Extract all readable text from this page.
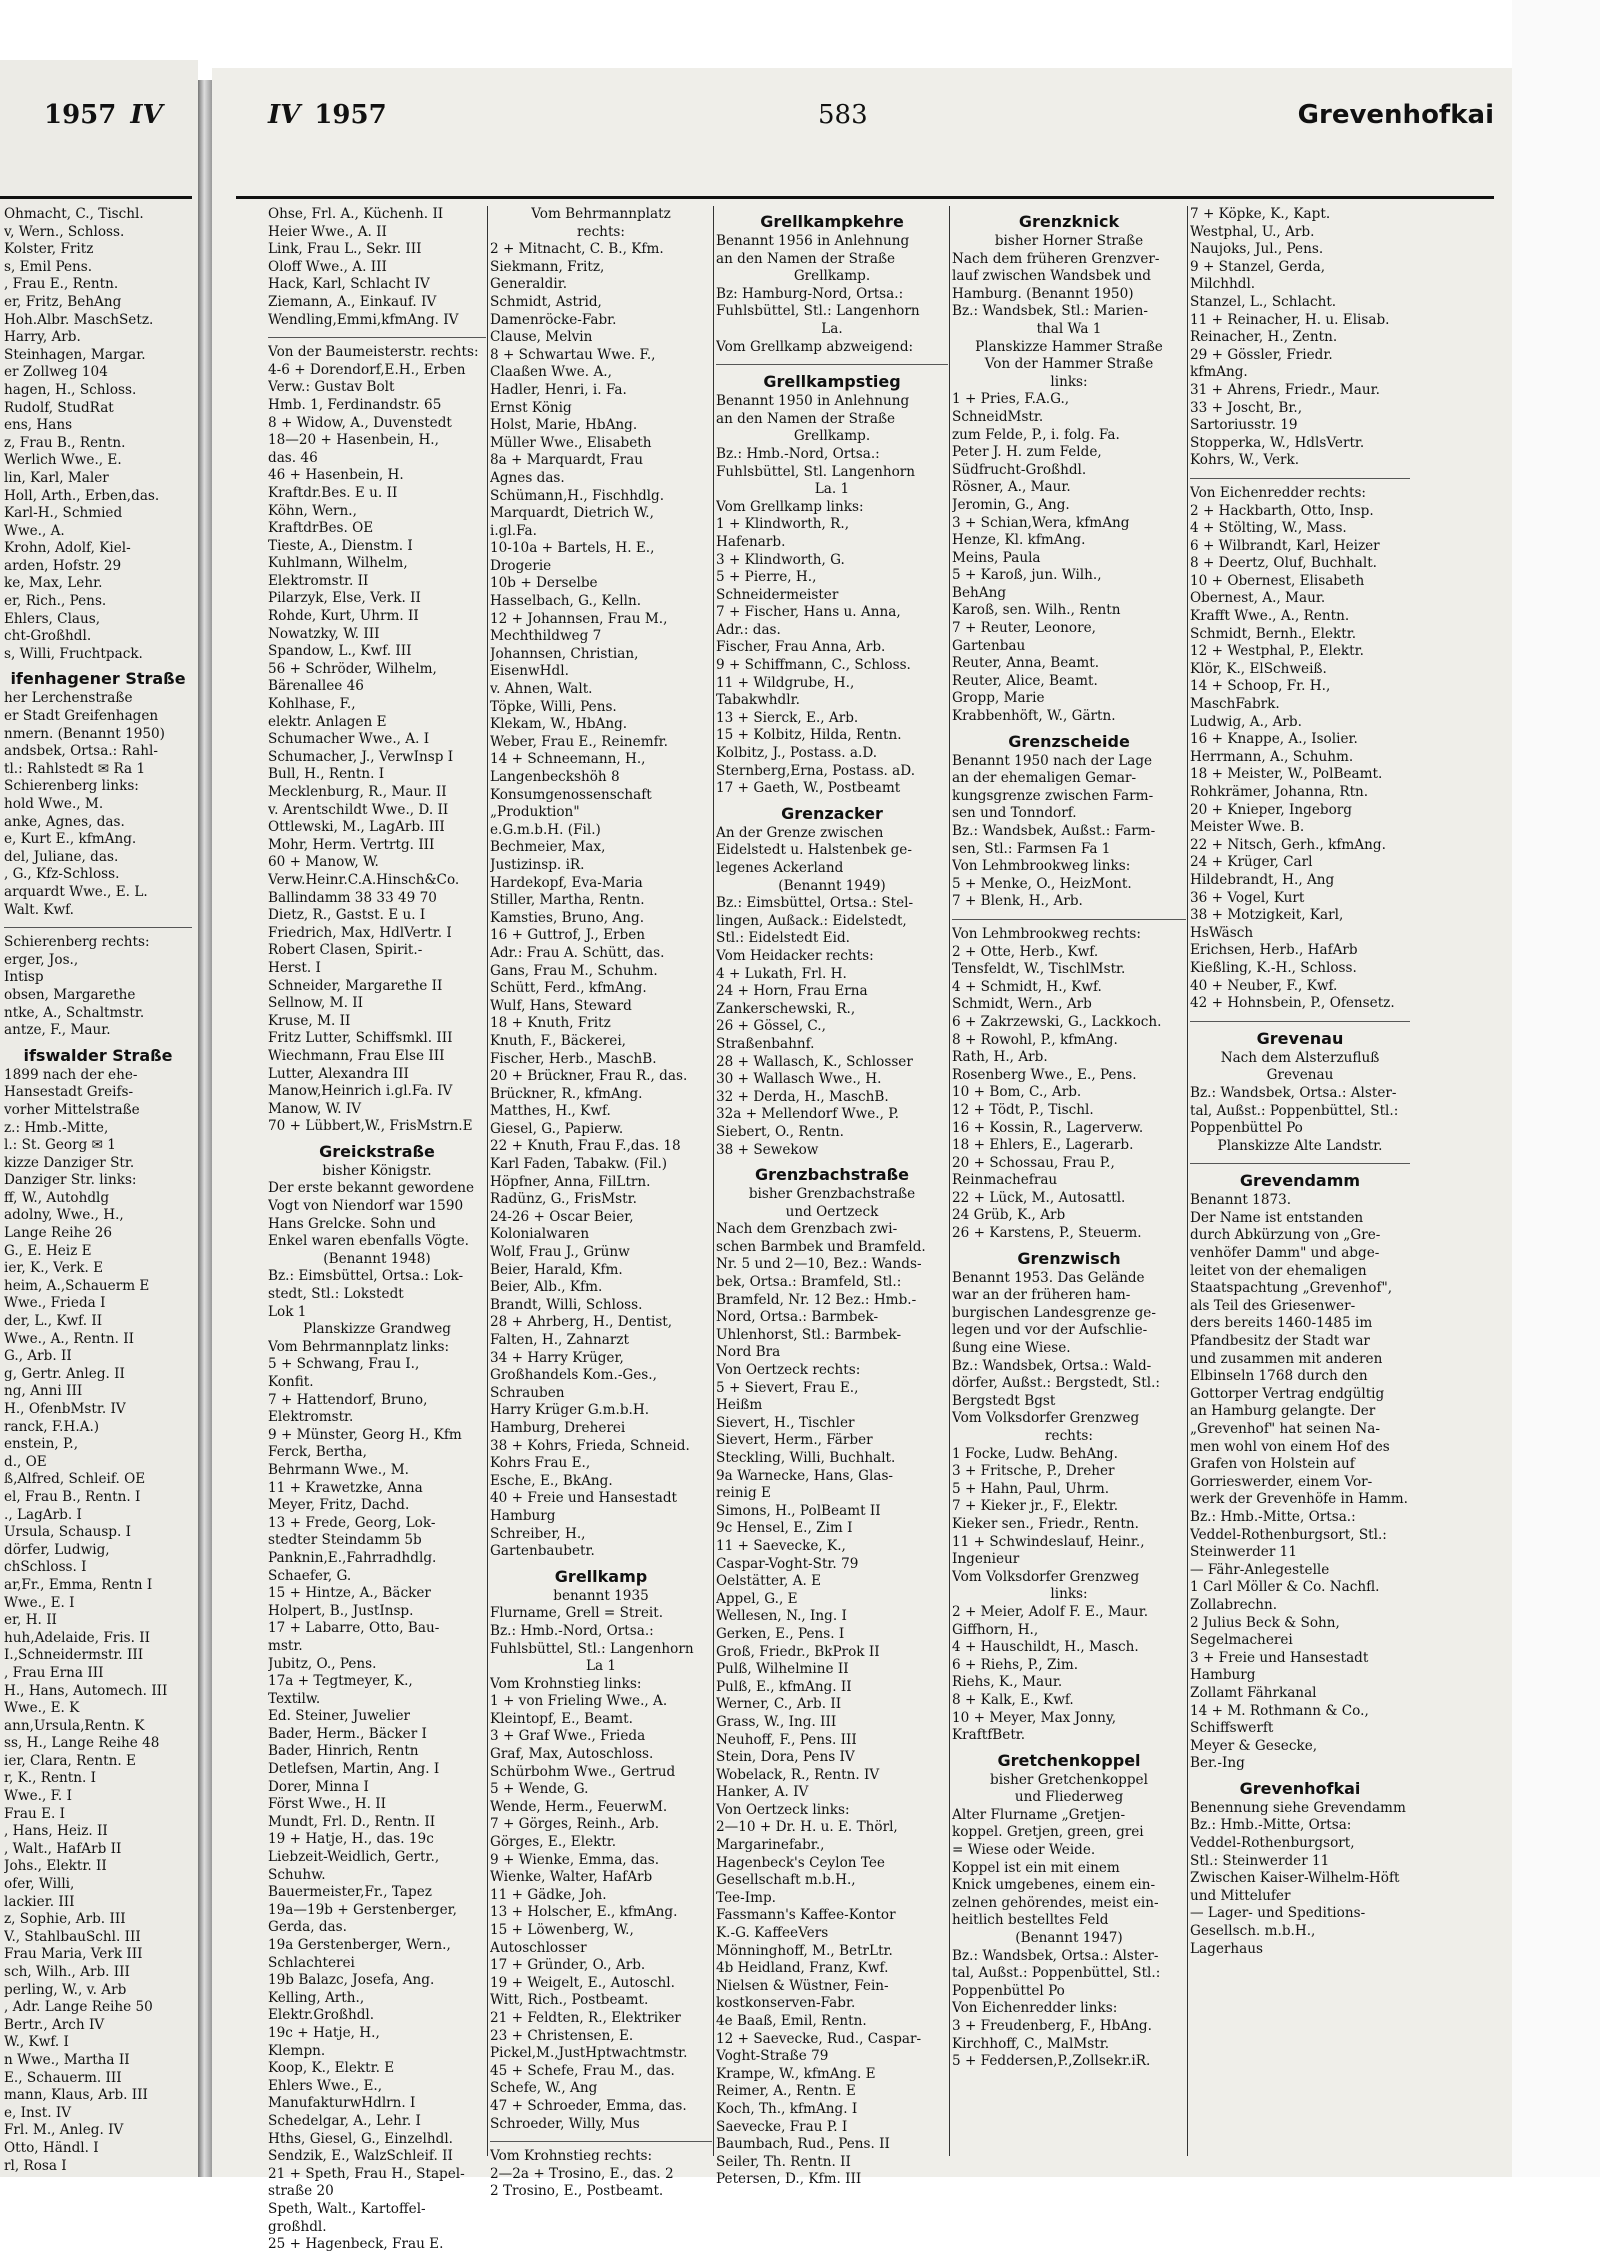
1957 IV	IV 1957	583	Grevenhofkai
Ohmacht, C., Tischl.
v, Wern., Schloss.
Kolster, Fritz
s, Emil Pens.
, Frau E., Rentn.
er, Fritz, BehAng
Hoh.Albr. MaschSetz.
Harry, Arb.
Steinhagen, Margar.
er Zollweg 104
hagen, H., Schloss.
Rudolf, StudRat
ens, Hans
z, Frau B., Rentn.
Werlich Wwe., E.
lin, Karl, Maler
Holl, Arth., Erben,das.
Karl-H., Schmied
Wwe., A.
Krohn, Adolf, Kiel-
arden, Hofstr. 29
ke, Max, Lehr.
er, Rich., Pens.
Ehlers, Claus,
cht-Großhdl.
s, Willi, Fruchtpack.
ifenhagener Straße
her Lerchenstraße
er Stadt Greifenhagen
nmern. (Benannt 1950)
andsbek, Ortsa.: Rahl-
tl.: Rahlstedt ✉ Ra 1
Schierenberg links:
hold Wwe., M.
anke, Agnes, das.
e, Kurt E., kfmAng.
del, Juliane, das.
, G., Kfz-Schloss.
arquardt Wwe., E. L.
Walt. Kwf.
Schierenberg rechts:
erger, Jos.,
Intisp
obsen, Margarethe
ntke, A., Schaltmstr.
antze, F., Maur.
ifswalder Straße
1899 nach der ehe-
Hansestadt Greifs-
vorher Mittelstraße
z.: Hmb.-Mitte,
l.: St. Georg ✉ 1
kizze Danziger Str.
Danziger Str. links:
ff, W., Autohdlg
adolny, Wwe., H.,
Lange Reihe 26
G., E. Heiz E
ier, K., Verk. E
heim, A.,Schauerm E
Wwe., Frieda I
der, L., Kwf. II
Wwe., A., Rentn. II
G., Arb. II
g, Gertr. Anleg. II
ng, Anni III
H., OfenbMstr. IV
ranck, F.H.A.)
enstein, P.,
d., OE
ß,Alfred, Schleif. OE
el, Frau B., Rentn. I
., LagArb. I
Ursula, Schausp. I
dörfer, Ludwig,
chSchloss. I
ar,Fr., Emma, Rentn I
Wwe., E. I
er, H. II
huh,Adelaide, Fris. II
I.,Schneidermstr. III
, Frau Erna III
H., Hans, Automech. III
Wwe., E. K
ann,Ursula,Rentn. K
ss, H., Lange Reihe 48
ier, Clara, Rentn. E
r, K., Rentn. I
Wwe., F. I
Frau E. I
, Hans, Heiz. II
, Walt., HafArb II
Johs., Elektr. II
ofer, Willi,
lackier. III
z, Sophie, Arb. III
V., StahlbauSchl. III
Frau Maria, Verk III
sch, Wilh., Arb. III
perling, W., v. Arb
, Adr. Lange Reihe 50
Bertr., Arch IV
W., Kwf. I
n Wwe., Martha II
E., Schauerm. III
mann, Klaus, Arb. III
e, Inst. IV
Frl. M., Anleg. IV
Otto, Händl. I
rl, Rosa I
Ohse, Frl. A., Küchenh. II
Heier Wwe., A. II
Link, Frau L., Sekr. III
Oloff Wwe., A. III
Hack, Karl, Schlacht IV
Ziemann, A., Einkauf. IV
Wendling,Emmi,kfmAng. IV
Von der Baumeisterstr. rechts:
4-6 + Dorendorf,E.H., Erben
Verw.: Gustav Bolt
Hmb. 1, Ferdinandstr. 65
8 + Widow, A., Duvenstedt
18—20 + Hasenbein, H.,
das. 46
46 + Hasenbein, H.
Kraftdr.Bes. E u. II
Köhn, Wern.,
KraftdrBes. OE
Tieste, A., Dienstm. I
Kuhlmann, Wilhelm,
Elektromstr. II
Pilarzyk, Else, Verk. II
Rohde, Kurt, Uhrm. II
Nowatzky, W. III
Spandow, L., Kwf. III
56 + Schröder, Wilhelm,
Bärenallee 46
Kohlhase, F.,
elektr. Anlagen E
Schumacher Wwe., A. I
Schumacher, J., VerwInsp I
Bull, H., Rentn. I
Mecklenburg, R., Maur. II
v. Arentschildt Wwe., D. II
Ottlewski, M., LagArb. III
Mohr, Herm. Vertrtg. III
60 + Manow, W.
Verw.Heinr.C.A.Hinsch&Co.
Ballindamm 38 33 49 70
Dietz, R., Gastst. E u. I
Friedrich, Max, HdlVertr. I
Robert Clasen, Spirit.-
Herst. I
Schneider, Margarethe II
Sellnow, M. II
Kruse, M. II
Fritz Lutter, Schiffsmkl. III
Wiechmann, Frau Else III
Lutter, Alexandra III
Manow,Heinrich i.gl.Fa. IV
Manow, W. IV
70 + Lübbert,W., FrisMstrn.E
Greickstraße
bisher Königstr.
Der erste bekannt gewordene
Vogt von Niendorf war 1590
Hans Grelcke. Sohn und
Enkel waren ebenfalls Vögte.
(Benannt 1948)
Bz.: Eimsbüttel, Ortsa.: Lok-
stedt, Stl.: Lokstedt
Lok 1
Planskizze Grandweg
Vom Behrmannplatz links:
5 + Schwang, Frau I.,
Konfit.
7 + Hattendorf, Bruno,
Elektromstr.
9 + Münster, Georg H., Kfm
Ferck, Bertha,
Behrmann Wwe., M.
11 + Krawetzke, Anna
Meyer, Fritz, Dachd.
13 + Frede, Georg, Lok-
stedter Steindamm 5b
Panknin,E.,Fahrradhdlg.
Schaefer, G.
15 + Hintze, A., Bäcker
Holpert, B., JustInsp.
17 + Labarre, Otto, Bau-
mstr.
Jubitz, O., Pens.
17a + Tegtmeyer, K.,
Textilw.
Ed. Steiner, Juwelier
Bader, Herm., Bäcker I
Bader, Hinrich, Rentn
Detlefsen, Martin, Ang. I
Dorer, Minna I
Först Wwe., H. II
Mundt, Frl. D., Rentn. II
19 + Hatje, H., das. 19c
Liebzeit-Weidlich, Gertr.,
Schuhw.
Bauermeister,Fr., Tapez
19a—19b + Gerstenberger,
Gerda, das.
19a Gerstenberger, Wern.,
Schlachterei
19b Balazc, Josefa, Ang.
Kelling, Arth.,
Elektr.Großhdl.
19c + Hatje, H.,
Klempn.
Koop, K., Elektr. E
Ehlers Wwe., E.,
ManufakturwHdlrn. I
Schedelgar, A., Lehr. I
Hths, Giesel, G., Einzelhdl.
Sendzik, E., WalzSchleif. II
21 + Speth, Frau H., Stapel-
straße 20
Speth, Walt., Kartoffel-
großhdl.
25 + Hagenbeck, Frau E.
Vom Behrmannplatz
rechts:
2 + Mitnacht, C. B., Kfm.
Siekmann, Fritz,
Generaldir.
Schmidt, Astrid,
Damenröcke-Fabr.
Clause, Melvin
8 + Schwartau Wwe. F.,
Claaßen Wwe. A.,
Hadler, Henri, i. Fa.
Ernst König
Holst, Marie, HbAng.
Müller Wwe., Elisabeth
8a + Marquardt, Frau
Agnes das.
Schümann,H., Fischhdlg.
Marquardt, Dietrich W.,
i.gl.Fa.
10-10a + Bartels, H. E.,
Drogerie
10b + Derselbe
Hasselbach, G., Kelln.
12 + Johannsen, Frau M.,
Mechthildweg 7
Johannsen, Christian,
EisenwHdl.
v. Ahnen, Walt.
Töpke, Willi, Pens.
Klekam, W., HbAng.
Weber, Frau E., Reinemfr.
14 + Schneemann, H.,
Langenbeckshöh 8
Konsumgenossenschaft
„Produktion"
e.G.m.b.H. (Fil.)
Bechmeier, Max,
Justizinsp. iR.
Hardekopf, Eva-Maria
Stiller, Martha, Rentn.
Kamsties, Bruno, Ang.
16 + Guttrof, J., Erben
Adr.: Frau A. Schütt, das.
Gans, Frau M., Schuhm.
Schütt, Ferd., kfmAng.
Wulf, Hans, Steward
18 + Knuth, Fritz
Knuth, F., Bäckerei,
Fischer, Herb., MaschB.
20 + Brückner, Frau R., das.
Brückner, R., kfmAng.
Matthes, H., Kwf.
Giesel, G., Papierw.
22 + Knuth, Frau F.,das. 18
Karl Faden, Tabakw. (Fil.)
Höpfner, Anna, FilLtrn.
Radünz, G., FrisMstr.
24-26 + Oscar Beier,
Kolonialwaren
Wolf, Frau J., Grünw
Beier, Harald, Kfm.
Beier, Alb., Kfm.
Brandt, Willi, Schloss.
28 + Ahrberg, H., Dentist,
Falten, H., Zahnarzt
34 + Harry Krüger,
Großhandels Kom.-Ges.,
Schrauben
Harry Krüger G.m.b.H.
Hamburg, Dreherei
38 + Kohrs, Frieda, Schneid.
Kohrs Frau E.,
Esche, E., BkAng.
40 + Freie und Hansestadt
Hamburg
Schreiber, H.,
Gartenbaubetr.
Grellkamp
benannt 1935
Flurname, Grell = Streit.
Bz.: Hmb.-Nord, Ortsa.:
Fuhlsbüttel, Stl.: Langenhorn
La 1
Vom Krohnstieg links:
1 + von Frieling Wwe., A.
Kleintopf, E., Beamt.
3 + Graf Wwe., Frieda
Graf, Max, Autoschloss.
Schürbohm Wwe., Gertrud
5 + Wende, G.
Wende, Herm., FeuerwM.
7 + Görges, Reinh., Arb.
Görges, E., Elektr.
9 + Wienke, Emma, das.
Wienke, Walter, HafArb
11 + Gädke, Joh.
13 + Holscher, E., kfmAng.
15 + Löwenberg, W.,
Autoschlosser
17 + Gründer, O., Arb.
19 + Weigelt, E., Autoschl.
Witt, Rich., Postbeamt.
21 + Feldten, R., Elektriker
23 + Christensen, E.
Pickel,M.,JustHptwachtmstr.
45 + Schefe, Frau M., das.
Schefe, W., Ang
47 + Schroeder, Emma, das.
Schroeder, Willy, Mus
Vom Krohnstieg rechts:
2—2a + Trosino, E., das. 2
2 Trosino, E., Postbeamt.
Grellkampkehre
Benannt 1956 in Anlehnung
an den Namen der Straße
Grellkamp.
Bz: Hamburg-Nord, Ortsa.:
Fuhlsbüttel, Stl.: Langenhorn
La.
Vom Grellkamp abzweigend:
Grellkampstieg
Benannt 1950 in Anlehnung
an den Namen der Straße
Grellkamp.
Bz.: Hmb.-Nord, Ortsa.:
Fuhlsbüttel, Stl. Langenhorn
La. 1
Vom Grellkamp links:
1 + Klindworth, R.,
Hafenarb.
3 + Klindworth, G.
5 + Pierre, H.,
Schneidermeister
7 + Fischer, Hans u. Anna,
Adr.: das.
Fischer, Frau Anna, Arb.
9 + Schiffmann, C., Schloss.
11 + Wildgrube, H.,
Tabakwhdlr.
13 + Sierck, E., Arb.
15 + Kolbitz, Hilda, Rentn.
Kolbitz, J., Postass. a.D.
Sternberg,Erna, Postass. aD.
17 + Gaeth, W., Postbeamt
Grenzacker
An der Grenze zwischen
Eidelstedt u. Halstenbek ge-
legenes Ackerland
(Benannt 1949)
Bz.: Eimsbüttel, Ortsa.: Stel-
lingen, Außack.: Eidelstedt,
Stl.: Eidelstedt Eid.
Vom Heidacker rechts:
4 + Lukath, Frl. H.
24 + Horn, Frau Erna
Zankerschewski, R.,
26 + Gössel, C.,
Straßenbahnf.
28 + Wallasch, K., Schlosser
30 + Wallasch Wwe., H.
32 + Derda, H., MaschB.
32a + Mellendorf Wwe., P.
Siebert, O., Rentn.
38 + Sewekow
Grenzbachstraße
bisher Grenzbachstraße
und Oertzeck
Nach dem Grenzbach zwi-
schen Barmbek und Bramfeld.
Nr. 5 und 2—10, Bez.: Wands-
bek, Ortsa.: Bramfeld, Stl.:
Bramfeld, Nr. 12 Bez.: Hmb.-
Nord, Ortsa.: Barmbek-
Uhlenhorst, Stl.: Barmbek-
Nord Bra
Von Oertzeck rechts:
5 + Sievert, Frau E.,
Heißm
Sievert, H., Tischler
Sievert, Herm., Färber
Steckling, Willi, Buchhalt.
9a Warnecke, Hans, Glas-
reinig E
Simons, H., PolBeamt II
9c Hensel, E., Zim I
11 + Saevecke, K.,
Caspar-Voght-Str. 79
Oelstätter, A. E
Appel, G., E
Wellesen, N., Ing. I
Gerken, E., Pens. I
Groß, Friedr., BkProk II
Pulß, Wilhelmine II
Pulß, E., kfmAng. II
Werner, C., Arb. II
Grass, W., Ing. III
Neuhoff, F., Pens. III
Stein, Dora, Pens IV
Wobelack, R., Rentn. IV
Hanker, A. IV
Von Oertzeck links:
2—10 + Dr. H. u. E. Thörl,
Margarinefabr.,
Hagenbeck's Ceylon Tee
Gesellschaft m.b.H.,
Tee-Imp.
Fassmann's Kaffee-Kontor
K.-G. KaffeeVers
Mönninghoff, M., BetrLtr.
4b Heidland, Franz, Kwf.
Nielsen & Wüstner, Fein-
kostkonserven-Fabr.
4e Baaß, Emil, Rentn.
12 + Saevecke, Rud., Caspar-
Voght-Straße 79
Krampe, W., kfmAng. E
Reimer, A., Rentn. E
Koch, Th., kfmAng. I
Saevecke, Frau P. I
Baumbach, Rud., Pens. II
Seiler, Th. Rentn. II
Petersen, D., Kfm. III
Grenzknick
bisher Horner Straße
Nach dem früheren Grenzver-
lauf zwischen Wandsbek und
Hamburg. (Benannt 1950)
Bz.: Wandsbek, Stl.: Marien-
thal Wa 1
Planskizze Hammer Straße
Von der Hammer Straße
links:
1 + Pries, F.A.G.,
SchneidMstr.
zum Felde, P., i. folg. Fa.
Peter J. H. zum Felde,
Südfrucht-Großhdl.
Rösner, A., Maur.
Jeromin, G., Ang.
3 + Schian,Wera, kfmAng
Henze, Kl. kfmAng.
Meins, Paula
5 + Karoß, jun. Wilh.,
BehAng
Karoß, sen. Wilh., Rentn
7 + Reuter, Leonore,
Gartenbau
Reuter, Anna, Beamt.
Reuter, Alice, Beamt.
Gropp, Marie
Krabbenhöft, W., Gärtn.
Grenzscheide
Benannt 1950 nach der Lage
an der ehemaligen Gemar-
kungsgrenze zwischen Farm-
sen und Tonndorf.
Bz.: Wandsbek, Außst.: Farm-
sen, Stl.: Farmsen Fa 1
Von Lehmbrookweg links:
5 + Menke, O., HeizMont.
7 + Blenk, H., Arb.
Von Lehmbrookweg rechts:
2 + Otte, Herb., Kwf.
Tensfeldt, W., TischlMstr.
4 + Schmidt, H., Kwf.
Schmidt, Wern., Arb
6 + Zakrzewski, G., Lackkoch.
8 + Rowohl, P., kfmAng.
Rath, H., Arb.
Rosenberg Wwe., E., Pens.
10 + Bom, C., Arb.
12 + Tödt, P., Tischl.
16 + Kossin, R., Lagerverw.
18 + Ehlers, E., Lagerarb.
20 + Schossau, Frau P.,
Reinmachefrau
22 + Lück, M., Autosattl.
24 Grüb, K., Arb
26 + Karstens, P., Steuerm.
Grenzwisch
Benannt 1953. Das Gelände
war an der früheren ham-
burgischen Landesgrenze ge-
legen und vor der Aufschlie-
ßung eine Wiese.
Bz.: Wandsbek, Ortsa.: Wald-
dörfer, Außst.: Bergstedt, Stl.:
Bergstedt Bgst
Vom Volksdorfer Grenzweg
rechts:
1 Focke, Ludw. BehAng.
3 + Fritsche, P., Dreher
5 + Hahn, Paul, Uhrm.
7 + Kieker jr., F., Elektr.
Kieker sen., Friedr., Rentn.
11 + Schwindeslauf, Heinr.,
Ingenieur
Vom Volksdorfer Grenzweg
links:
2 + Meier, Adolf F. E., Maur.
Giffhorn, H.,
4 + Hauschildt, H., Masch.
6 + Riehs, P., Zim.
Riehs, K., Maur.
8 + Kalk, E., Kwf.
10 + Meyer, Max Jonny,
KraftfBetr.
Gretchenkoppel
bisher Gretchenkoppel
und Fliederweg
Alter Flurname „Gretjen-
koppel. Gretjen, green, grei
= Wiese oder Weide.
Koppel ist ein mit einem
Knick umgebenes, einem ein-
zelnen gehörendes, meist ein-
heitlich bestelltes Feld
(Benannt 1947)
Bz.: Wandsbek, Ortsa.: Alster-
tal, Außst.: Poppenbüttel, Stl.:
Poppenbüttel Po
Von Eichenredder links:
3 + Freudenberg, F., HbAng.
Kirchhoff, C., MalMstr.
5 + Feddersen,P.,Zollsekr.iR.
7 + Köpke, K., Kapt.
Westphal, U., Arb.
Naujoks, Jul., Pens.
9 + Stanzel, Gerda,
Milchhdl.
Stanzel, L., Schlacht.
11 + Reinacher, H. u. Elisab.
Reinacher, H., Zentn.
29 + Gössler, Friedr.
kfmAng.
31 + Ahrens, Friedr., Maur.
33 + Joscht, Br.,
Sartoriusstr. 19
Stopperka, W., HdlsVertr.
Kohrs, W., Verk.
Von Eichenredder rechts:
2 + Hackbarth, Otto, Insp.
4 + Stölting, W., Mass.
6 + Wilbrandt, Karl, Heizer
8 + Deertz, Oluf, Buchhalt.
10 + Obernest, Elisabeth
Obernest, A., Maur.
Krafft Wwe., A., Rentn.
Schmidt, Bernh., Elektr.
12 + Westphal, P., Elektr.
Klör, K., ElSchweiß.
14 + Schoop, Fr. H.,
MaschFabrk.
Ludwig, A., Arb.
16 + Knappe, A., Isolier.
Herrmann, A., Schuhm.
18 + Meister, W., PolBeamt.
Rohkrämer, Johanna, Rtn.
20 + Knieper, Ingeborg
Meister Wwe. B.
22 + Nitsch, Gerh., kfmAng.
24 + Krüger, Carl
Hildebrandt, H., Ang
36 + Vogel, Kurt
38 + Motzigkeit, Karl,
HsWäsch
Erichsen, Herb., HafArb
Kießling, K.-H., Schloss.
40 + Neuber, F., Kwf.
42 + Hohnsbein, P., Ofensetz.
Grevenau
Nach dem Alsterzufluß
Grevenau
Bz.: Wandsbek, Ortsa.: Alster-
tal, Außst.: Poppenbüttel, Stl.:
Poppenbüttel Po
Planskizze Alte Landstr.
Grevendamm
Benannt 1873.
Der Name ist entstanden
durch Abkürzung von „Gre-
venhöfer Damm" und abge-
leitet von der ehemaligen
Staatspachtung „Grevenhof",
als Teil des Griesenwer-
ders bereits 1460-1485 im
Pfandbesitz der Stadt war
und zusammen mit anderen
Elbinseln 1768 durch den
Gottorper Vertrag endgültig
an Hamburg gelangte. Der
„Grevenhof" hat seinen Na-
men wohl von einem Hof des
Grafen von Holstein auf
Gorrieswerder, einem Vor-
werk der Grevenhöfe in Hamm.
Bz.: Hmb.-Mitte, Ortsa.:
Veddel-Rothenburgsort, Stl.:
Steinwerder 11
— Fähr-Anlegestelle
1 Carl Möller & Co. Nachfl.
Zollabrechn.
2 Julius Beck & Sohn,
Segelmacherei
3 + Freie und Hansestadt
Hamburg
Zollamt Fährkanal
14 + M. Rothmann & Co.,
Schiffswerft
Meyer & Gesecke,
Ber.-Ing
Grevenhofkai
Benennung siehe Grevendamm
Bz.: Hmb.-Mitte, Ortsa:
Veddel-Rothenburgsort,
Stl.: Steinwerder 11
Zwischen Kaiser-Wilhelm-Höft
und Mittelufer
— Lager- und Speditions-
Gesellsch. m.b.H.,
Lagerhaus
